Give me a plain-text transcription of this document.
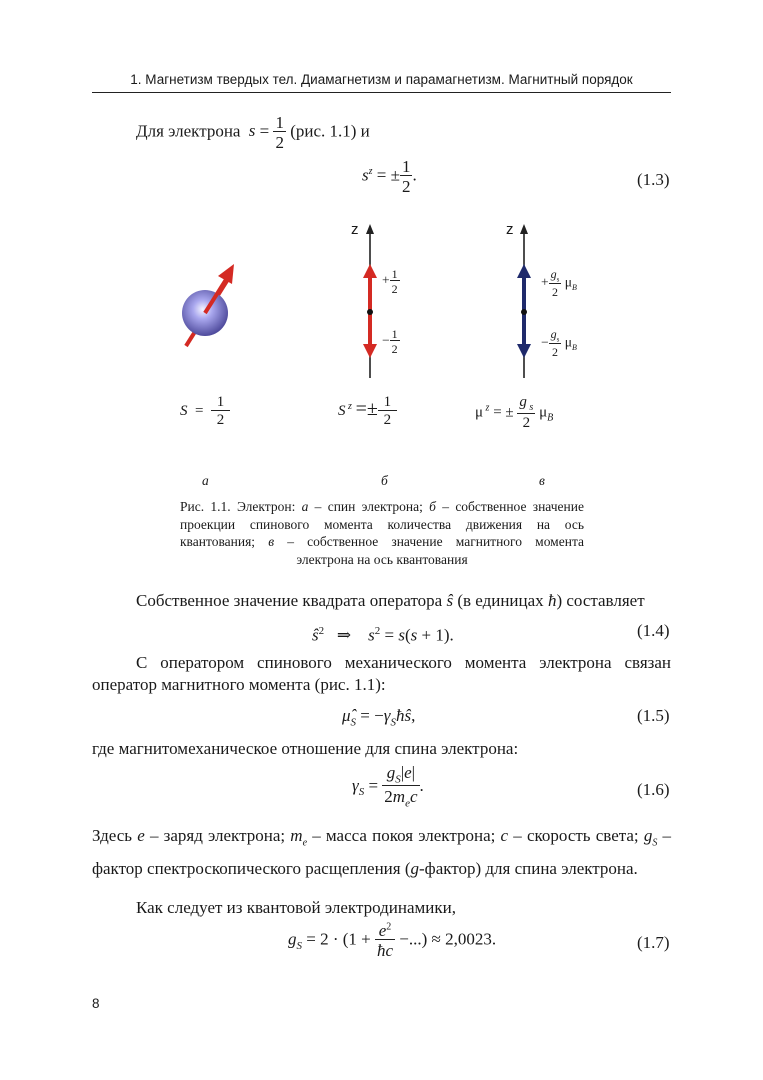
1. Магнетизм твердых тел. Диамагнетизм и парамагнетизм. Магнитный порядок
Для электрона $s = \frac{1}{2} (рис$. 1.1) и
$s^z$ = ± $\frac{1}{2}$ .	(1.3)
z	z
+ $\frac{1}{2}$
− $\frac{1}{2}$
+ $\frac{g_s}{2} \mu_B$
− $\frac{g_s}{2} \mu_B$
$S = \frac{1}{2}$	S $^z =\pm \frac{1}{2}$	μ $^z$ = ± $\frac{g _s}{2} \mu_B$
а	б	в
Рис. 1.1. Электрон: а – спин электрона; б – собственное значение проекции спинового момента количества движения на ось квантования; в – собственное значение магнитного момента электрона на ось квантования
Собственное значение квадрата оператора ŝ (в единицах ħ) составляет
$ŝ^2$   ⇒    $s^2 = s(s + 1)$.	(1.4)
С оператором спинового механического момента электрона связан оператор магнитного момента (рис. 1.1):
$\mû_S$ = $-\gamma_Sħŝ$,	(1.5)
где магнитомеханическое отношение для спина электрона:
$\gamma_S = \frac{g_S|e|}{2m_ec}$ .	(1.6)
Здесь e – заряд электрона; $m_e$ – масса покоя электрона; c – скорость света; $g_S$ – фактор спектроскопического расщепления (g-фактор) для спина электрона.
Как следует из квантовой электродинамики,
$g_S = 2 \cdot (1 + \frac{e^2}{ħc}$ −...) ≈ 2,0023.	(1.7)
8
